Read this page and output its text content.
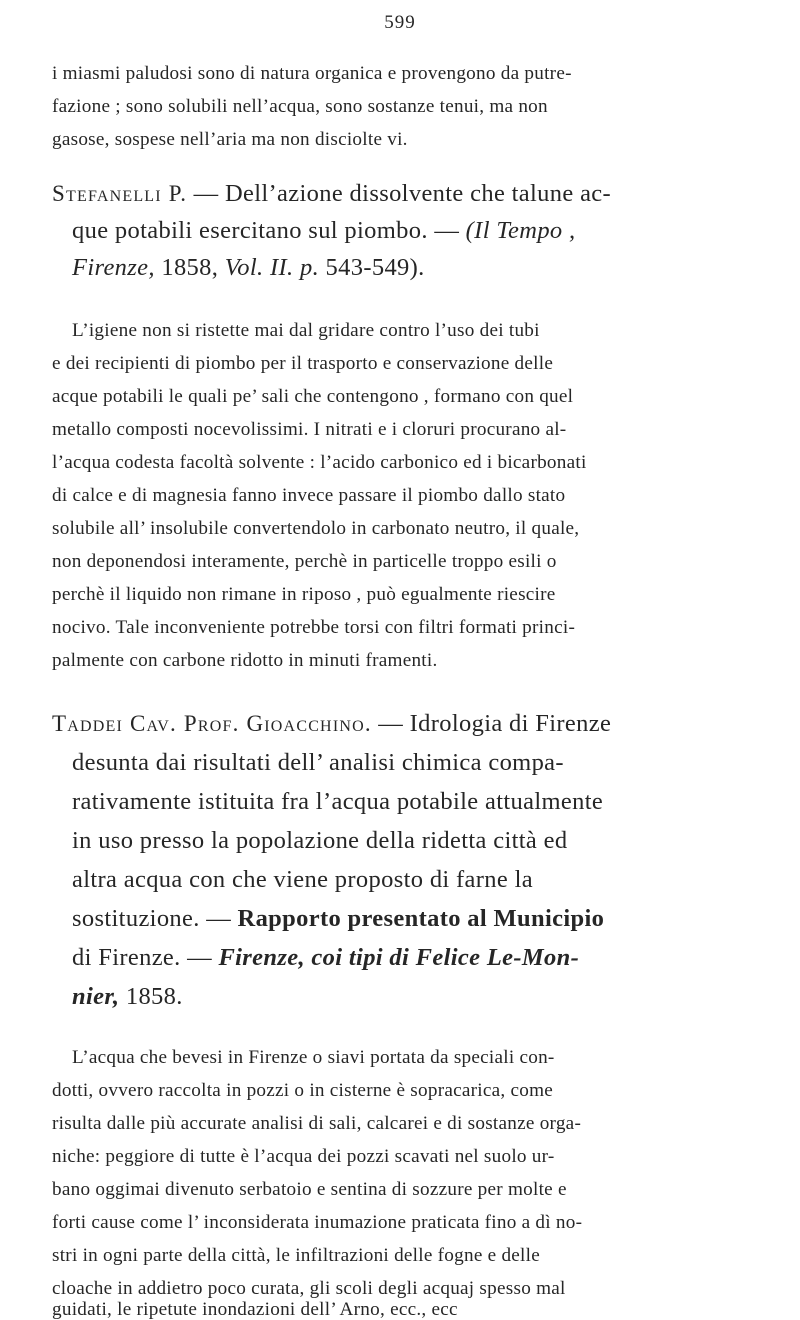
599
i miasmi paludosi sono di natura organica e provengono da putre-
fazione ; sono solubili nell’acqua, sono sostanze tenui, ma non
gasose, sospese nell’aria ma non disciolte vi.
Stefanelli P. — Dell’azione dissolvente che talune ac-
que potabili esercitano sul piombo. — (Il Tempo ,
Firenze, 1858, Vol. II. p. 543-549).
L’igiene non si ristette mai dal gridare contro l’uso dei tubi
e dei recipienti di piombo per il trasporto e conservazione delle
acque potabili le quali pe’ sali che contengono , formano con quel
metallo composti nocevolissimi. I nitrati e i cloruri procurano al-
l’acqua codesta facoltà solvente : l’acido carbonico ed i bicarbonati
di calce e di magnesia fanno invece passare il piombo dallo stato
solubile all’ insolubile convertendolo in carbonato neutro, il quale,
non deponendosi interamente, perchè in particelle troppo esili o
perchè il liquido non rimane in riposo , può egualmente riescire
nocivo. Tale inconveniente potrebbe torsi con filtri formati princi-
palmente con carbone ridotto in minuti framenti.
Taddei Cav. Prof. Gioacchino. — Idrologia di Firenze
desunta dai risultati dell’ analisi chimica compa-
rativamente istituita fra l’acqua potabile attualmente
in uso presso la popolazione della ridetta città ed
altra acqua con che viene proposto di farne la
sostituzione. — Rapporto presentato al Municipio
di Firenze. — Firenze, coi tipi di Felice Le-Mon-
nier, 1858.
L’acqua che bevesi in Firenze o siavi portata da speciali con-
dotti, ovvero raccolta in pozzi o in cisterne è sopracarica, come
risulta dalle più accurate analisi di sali, calcarei e di sostanze orga-
niche: peggiore di tutte è l’acqua dei pozzi scavati nel suolo ur-
bano oggimai divenuto serbatoio e sentina di sozzure per molte e
forti cause come l’ inconsiderata inumazione praticata fino a dì no-
stri in ogni parte della città, le infiltrazioni delle fogne e delle
cloache in addietro poco curata, gli scoli degli acquaj spesso mal
guidati, le ripetute inondazioni dell’ Arno, ecc., ecc
